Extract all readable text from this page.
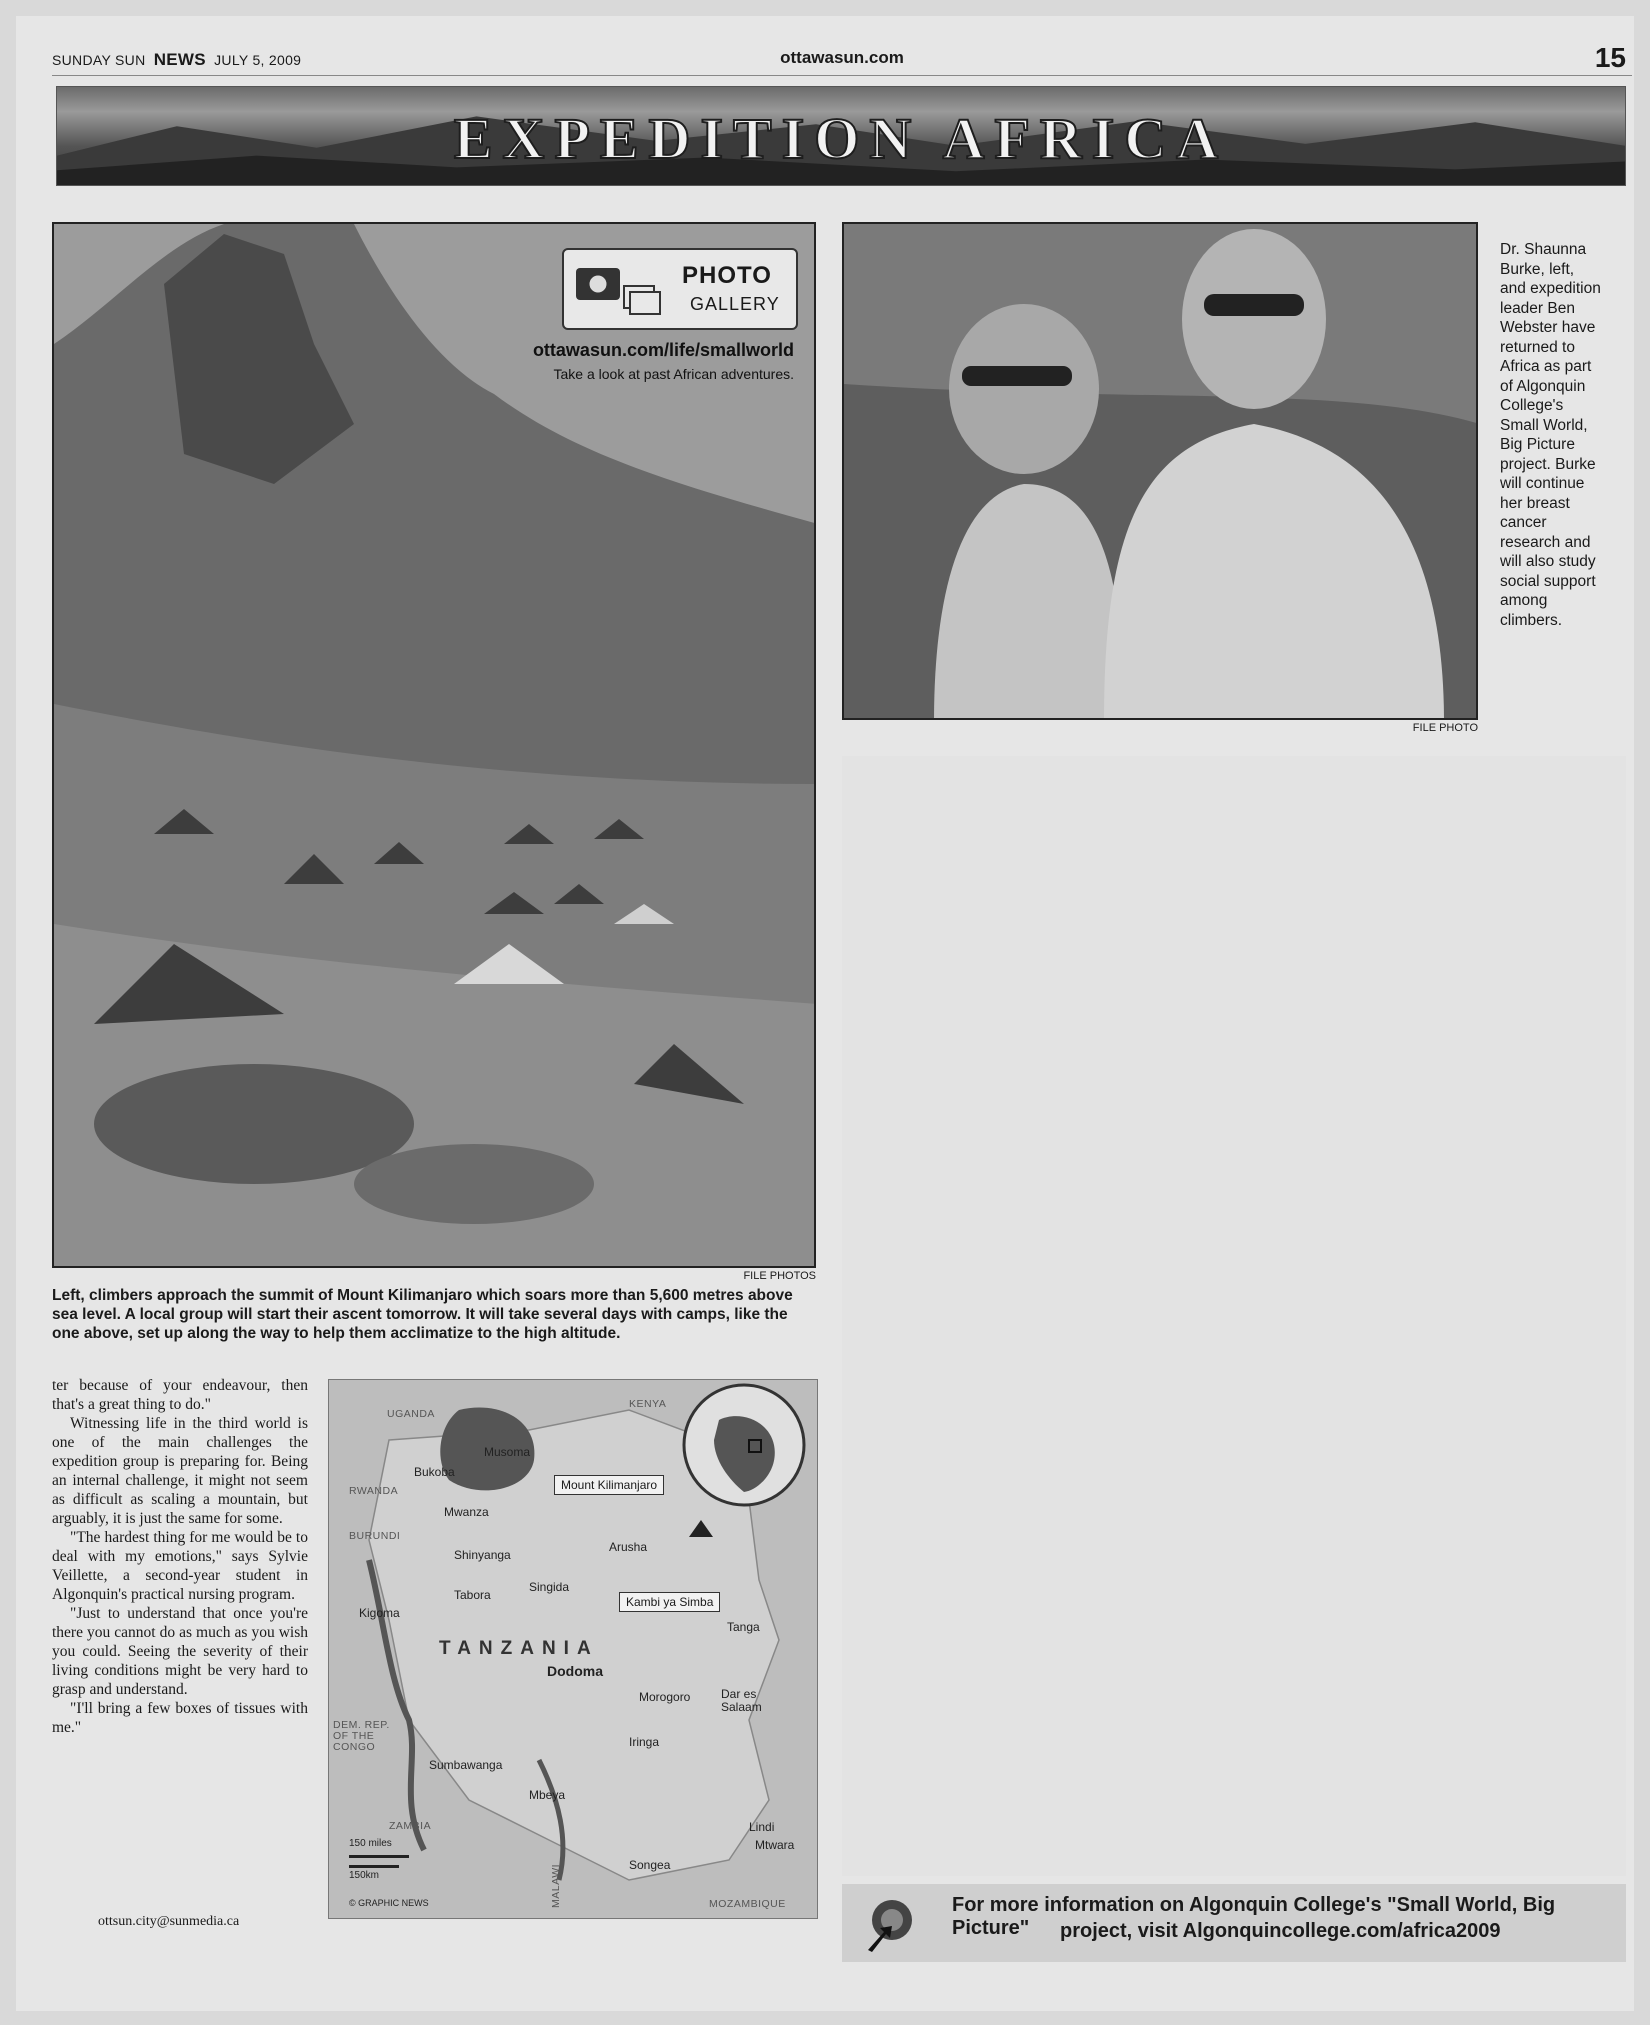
SUNDAY SUN NEWS JULY 5, 2009	ottawasun.com	15
EXPEDITION AFRICA
PHOTO
GALLERY
ottawasun.com/life/smallworld
Take a look at past African adventures.
FILE PHOTOS
Left, climbers approach the summit of Mount Kilimanjaro which soars more than 5,600 metres above sea level. A local group will start their ascent tomorrow. It will take several days with camps, like the one above, set up along the way to help them acclimatize to the high altitude.
FILE PHOTO
Dr. Shaunna Burke, left, and expedition leader Ben Webster have returned to Africa as part of Algonquin College's Small World, Big Picture project. Burke will continue her breast cancer research and will also study social support among climbers.

ter because of your endeavour, then that's a great thing to do."

Witnessing life in the third world is one of the main challenges the expedition group is preparing for. Being an internal challenge, it might not seem as difficult as scaling a mountain, but arguably, it is just the same for some.

"The hardest thing for me would be to deal with my emotions," says Sylvie Veillette, a second-year student in Algonquin's practical nursing program.

"Just to understand that once you're there you cannot do as much as you wish you could. Seeing the severity of their living conditions might be very hard to grasp and understand.

"I'll bring a few boxes of tissues with me."

ottsun.city@sunmedia.ca
UGANDA
KENYA
RWANDA
BURUNDI
DEM. REP. OF THE CONGO
ZAMBIA
MALAWI	MOZAMBIQUE
TANZANIA
Dodoma
Musoma
Bukoba
Mwanza
Shinyanga
Arusha
Singida
Tabora
Kigoma
Tanga
Morogoro	Dar es Salaam
Iringa
Sumbawanga
Mbeya
Lindi
Mtwara
Songea
Mount Kilimanjaro
Kambi ya Simba
150 miles
150km
© GRAPHIC NEWS	For more information on Algonquin College's "Small World, Big Picture"	project, visit Algonquincollege.com/africa2009
